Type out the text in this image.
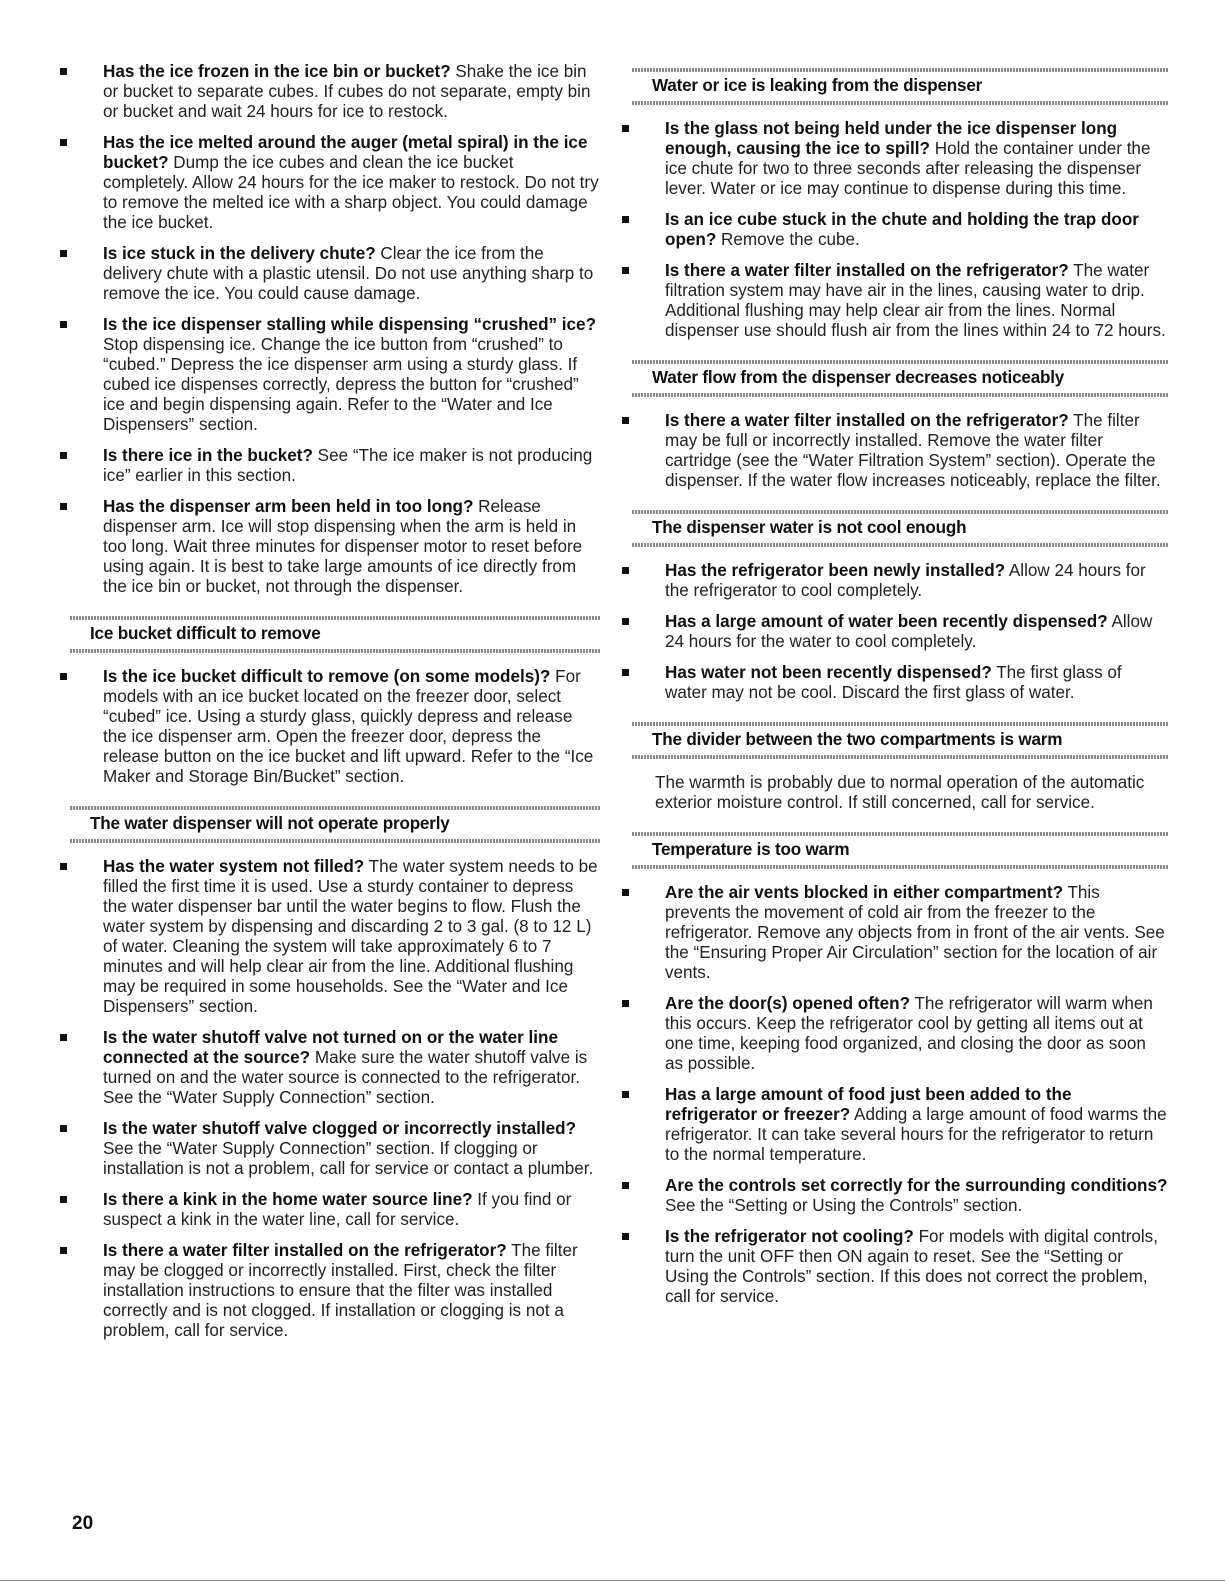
Has the ice frozen in the ice bin or bucket? Shake the ice bin or bucket to separate cubes. If cubes do not separate, empty bin or bucket and wait 24 hours for ice to restock.
Has the ice melted around the auger (metal spiral) in the ice bucket? Dump the ice cubes and clean the ice bucket completely. Allow 24 hours for the ice maker to restock. Do not try to remove the melted ice with a sharp object. You could damage the ice bucket.
Is ice stuck in the delivery chute? Clear the ice from the delivery chute with a plastic utensil. Do not use anything sharp to remove the ice. You could cause damage.
Is the ice dispenser stalling while dispensing “crushed” ice? Stop dispensing ice. Change the ice button from “crushed” to “cubed.” Depress the ice dispenser arm using a sturdy glass. If cubed ice dispenses correctly, depress the button for “crushed” ice and begin dispensing again. Refer to the “Water and Ice Dispensers” section.
Is there ice in the bucket? See “The ice maker is not producing ice” earlier in this section.
Has the dispenser arm been held in too long? Release dispenser arm. Ice will stop dispensing when the arm is held in too long. Wait three minutes for dispenser motor to reset before using again. It is best to take large amounts of ice directly from the ice bin or bucket, not through the dispenser.
Ice bucket difficult to remove
Is the ice bucket difficult to remove (on some models)? For models with an ice bucket located on the freezer door, select “cubed” ice. Using a sturdy glass, quickly depress and release the ice dispenser arm. Open the freezer door, depress the release button on the ice bucket and lift upward. Refer to the “Ice Maker and Storage Bin/Bucket” section.
The water dispenser will not operate properly
Has the water system not filled? The water system needs to be filled the first time it is used. Use a sturdy container to depress the water dispenser bar until the water begins to flow. Flush the water system by dispensing and discarding 2 to 3 gal. (8 to 12 L) of water. Cleaning the system will take approximately 6 to 7 minutes and will help clear air from the line. Additional flushing may be required in some households. See the “Water and Ice Dispensers” section.
Is the water shutoff valve not turned on or the water line connected at the source? Make sure the water shutoff valve is turned on and the water source is connected to the refrigerator. See the “Water Supply Connection” section.
Is the water shutoff valve clogged or incorrectly installed? See the “Water Supply Connection” section. If clogging or installation is not a problem, call for service or contact a plumber.
Is there a kink in the home water source line? If you find or suspect a kink in the water line, call for service.
Is there a water filter installed on the refrigerator? The filter may be clogged or incorrectly installed. First, check the filter installation instructions to ensure that the filter was installed correctly and is not clogged. If installation or clogging is not a problem, call for service.
Water or ice is leaking from the dispenser
Is the glass not being held under the ice dispenser long enough, causing the ice to spill? Hold the container under the ice chute for two to three seconds after releasing the dispenser lever. Water or ice may continue to dispense during this time.
Is an ice cube stuck in the chute and holding the trap door open? Remove the cube.
Is there a water filter installed on the refrigerator? The water filtration system may have air in the lines, causing water to drip. Additional flushing may help clear air from the lines. Normal dispenser use should flush air from the lines within 24 to 72 hours.
Water flow from the dispenser decreases noticeably
Is there a water filter installed on the refrigerator? The filter may be full or incorrectly installed. Remove the water filter cartridge (see the “Water Filtration System” section). Operate the dispenser. If the water flow increases noticeably, replace the filter.
The dispenser water is not cool enough
Has the refrigerator been newly installed? Allow 24 hours for the refrigerator to cool completely.
Has a large amount of water been recently dispensed? Allow 24 hours for the water to cool completely.
Has water not been recently dispensed? The first glass of water may not be cool. Discard the first glass of water.
The divider between the two compartments is warm
The warmth is probably due to normal operation of the automatic exterior moisture control. If still concerned, call for service.
Temperature is too warm
Are the air vents blocked in either compartment? This prevents the movement of cold air from the freezer to the refrigerator. Remove any objects from in front of the air vents. See the “Ensuring Proper Air Circulation” section for the location of air vents.
Are the door(s) opened often? The refrigerator will warm when this occurs. Keep the refrigerator cool by getting all items out at one time, keeping food organized, and closing the door as soon as possible.
Has a large amount of food just been added to the refrigerator or freezer? Adding a large amount of food warms the refrigerator. It can take several hours for the refrigerator to return to the normal temperature.
Are the controls set correctly for the surrounding conditions? See the “Setting or Using the Controls” section.
Is the refrigerator not cooling? For models with digital controls, turn the unit OFF then ON again to reset. See the “Setting or Using the Controls” section. If this does not correct the problem, call for service.
20
